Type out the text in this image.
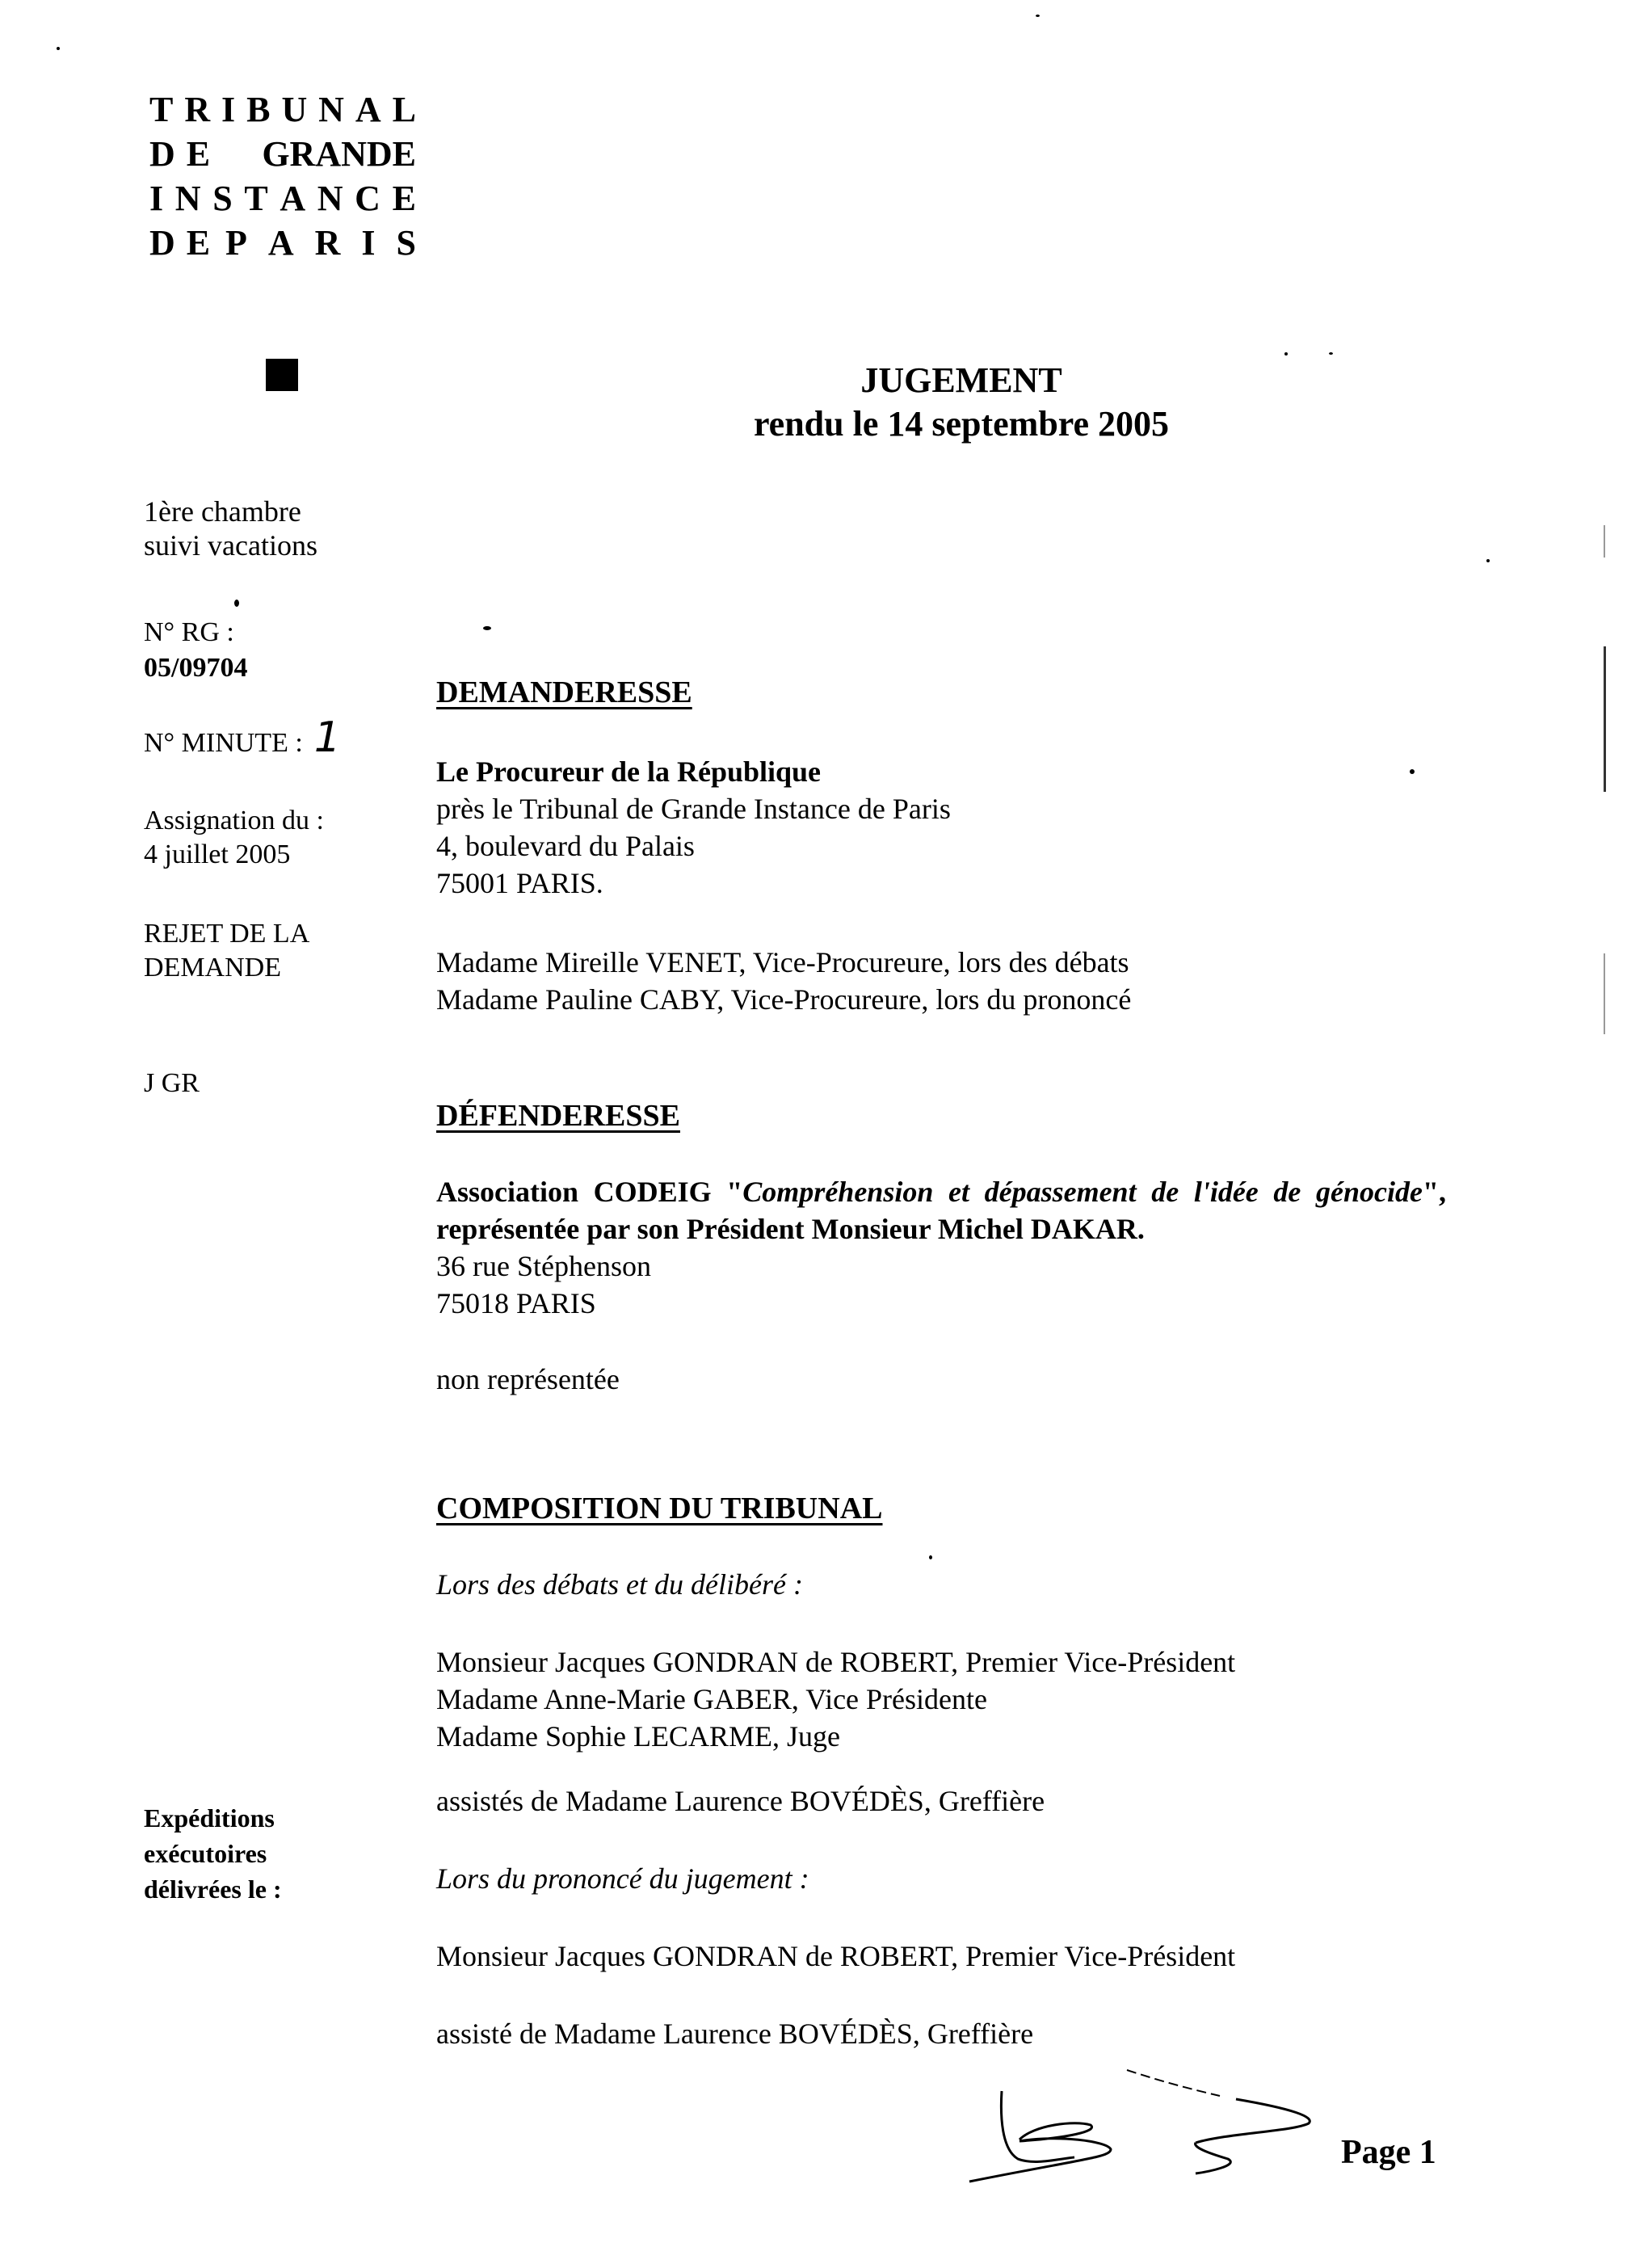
T R I B U N A L
D E GRANDE
I N S T A N C E
D E P A R I S
JUGEMENT
rendu le 14 septembre 2005
1ère chambre
suivi vacations
N° RG :
05/09704
N° MINUTE : 1
Assignation du :
4 juillet 2005
REJET DE LA
DEMANDE
J GR
Expéditions
exécutoires
délivrées le :
DEMANDERESSE
Le Procureur de la République
près le Tribunal de Grande Instance de Paris
4, boulevard du Palais
75001 PARIS.
Madame Mireille VENET, Vice-Procureure, lors des débats
Madame Pauline CABY, Vice-Procureure, lors du prononcé
DÉFENDERESSE
Association CODEIG "Compréhension et dépassement de l'idée de génocide", représentée par son Président Monsieur Michel DAKAR.
36 rue Stéphenson
75018 PARIS
non représentée
COMPOSITION DU TRIBUNAL
Lors des débats et du délibéré :
Monsieur Jacques GONDRAN de ROBERT, Premier Vice-Président
Madame Anne-Marie GABER, Vice Présidente
Madame Sophie LECARME, Juge
assistés de Madame Laurence BOVÉDÈS, Greffière
Lors du prononcé du jugement :
Monsieur Jacques GONDRAN de ROBERT, Premier Vice-Président
assisté de Madame Laurence BOVÉDÈS, Greffière
Page 1
